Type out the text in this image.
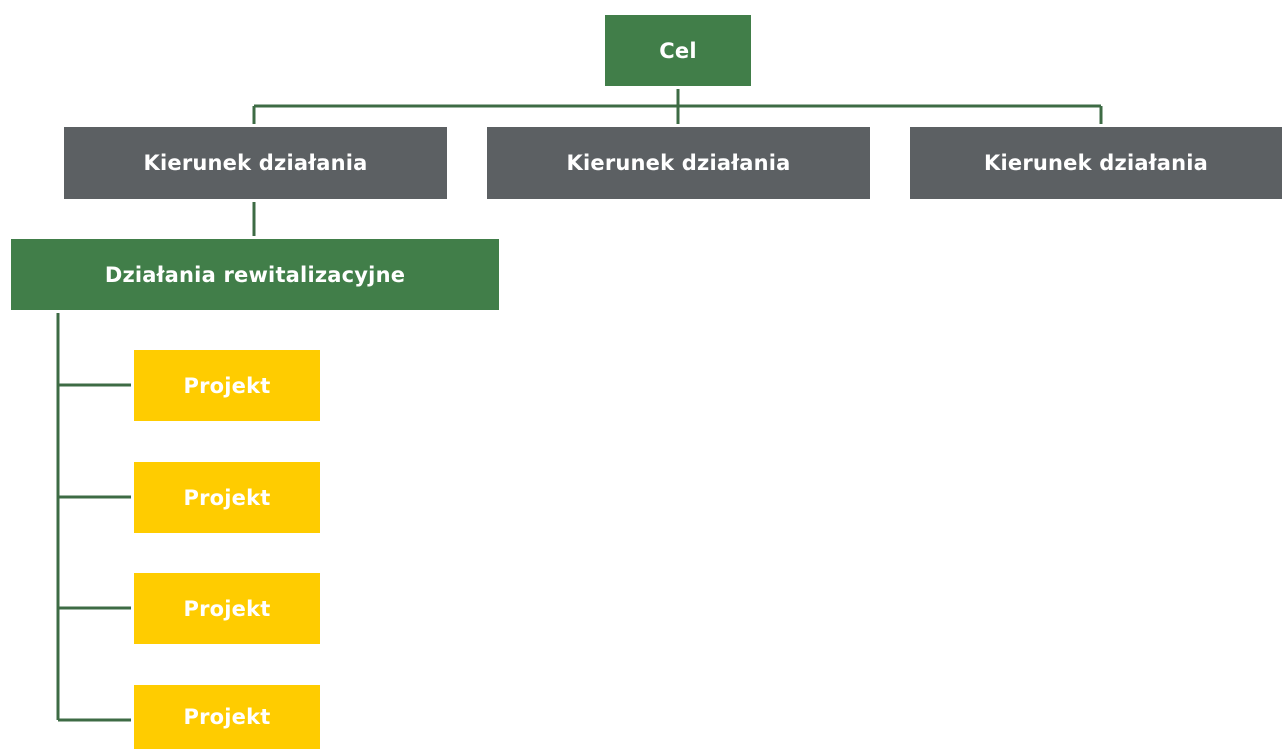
Cel
Kierunek działania	Kierunek działania	Kierunek działania
Działania rewitalizacyjne
Projekt
Projekt
Projekt
Projekt
